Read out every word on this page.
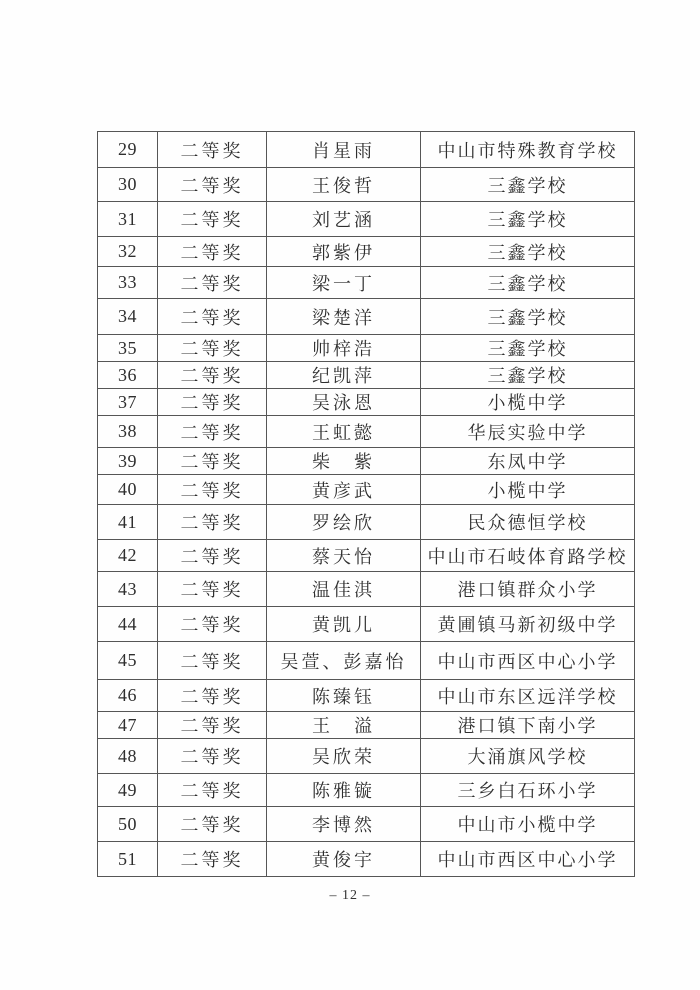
29	二等奖	肖星雨	中山市特殊教育学校
30	二等奖	王俊哲	三鑫学校
31	二等奖	刘艺涵	三鑫学校
32	二等奖	郭紫伊	三鑫学校
33	二等奖	梁一丁	三鑫学校
34	二等奖	梁楚洋	三鑫学校
35	二等奖	帅梓浩	三鑫学校
36	二等奖	纪凯萍	三鑫学校
37	二等奖	吴泳恩	小榄中学
38	二等奖	王虹懿	华辰实验中学
39	二等奖	柴　紫	东凤中学
40	二等奖	黄彦武	小榄中学
41	二等奖	罗绘欣	民众德恒学校
42	二等奖	蔡天怡	中山市石岐体育路学校
43	二等奖	温佳淇	港口镇群众小学
44	二等奖	黄凯儿	黄圃镇马新初级中学
45	二等奖	吴萱、彭嘉怡	中山市西区中心小学
46	二等奖	陈臻钰	中山市东区远洋学校
47	二等奖	王　溢	港口镇下南小学
48	二等奖	吴欣荣	大涌旗风学校
49	二等奖	陈雅镟	三乡白石环小学
50	二等奖	李博然	中山市小榄中学
51	二等奖	黄俊宇	中山市西区中心小学
– 12 –
